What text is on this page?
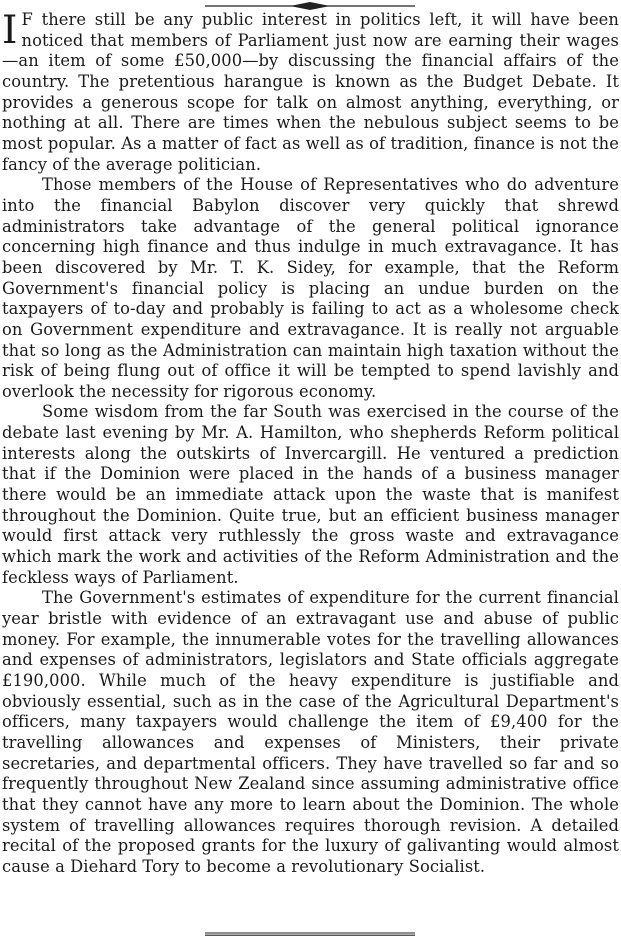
I F there still be any public interest in politics left, it will have been noticed that members of Parliament just now are earning their wages—an item of some £50,000—by discussing the financial affairs of the country. The pretentious harangue is known as the Budget Debate. It provides a generous scope for talk on almost anything, everything, or nothing at all. There are times when the nebulous subject seems to be most popular. As a matter of fact as well as of tradition, finance is not the fancy of the average politician.

Those members of the House of Representatives who do adventure into the financial Babylon discover very quickly that shrewd administrators take advantage of the general political ignorance concerning high finance and thus indulge in much extravagance. It has been discovered by Mr. T. K. Sidey, for example, that the Reform Government's financial policy is placing an undue burden on the taxpayers of to-day and probably is failing to act as a wholesome check on Government expenditure and extravagance. It is really not arguable that so long as the Administration can maintain high taxation without the risk of being flung out of office it will be tempted to spend lavishly and overlook the necessity for rigorous economy.

Some wisdom from the far South was exercised in the course of the debate last evening by Mr. A. Hamilton, who shepherds Reform political interests along the outskirts of Invercargill. He ventured a prediction that if the Dominion were placed in the hands of a business manager there would be an immediate attack upon the waste that is manifest throughout the Dominion. Quite true, but an efficient business manager would first attack very ruthlessly the gross waste and extravagance which mark the work and activities of the Reform Administration and the feckless ways of Parliament.

The Government's estimates of expenditure for the current financial year bristle with evidence of an extravagant use and abuse of public money. For example, the innumerable votes for the travelling allowances and expenses of administrators, legislators and State officials aggregate £190,000. While much of the heavy expenditure is justifiable and obviously essential, such as in the case of the Agricultural Department's officers, many taxpayers would challenge the item of £9,400 for the travelling allowances and expenses of Ministers, their private secretaries, and departmental officers. They have travelled so far and so frequently throughout New Zealand since assuming administrative office that they cannot have any more to learn about the Dominion. The whole system of travelling allowances requires thorough revision. A detailed recital of the proposed grants for the luxury of galivanting would almost cause a Diehard Tory to become a revolutionary Socialist.
